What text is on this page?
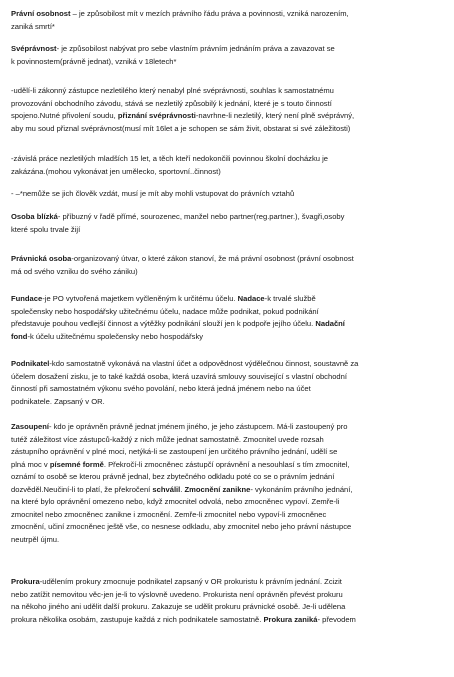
Právní osobnost – je způsobilost mít v mezích právního řádu práva a povinnosti, vzniká narozením,
zaniká smrtí*

Svéprávnost- je způsobilost nabývat pro sebe vlastním právním jednáním práva a zavazovat se
k povinnostem(právně jednat), vzniká v 18letech*

-udělí-li zákonný zástupce nezletilého který nenabyl plné svéprávnosti, souhlas k samostatnému
provozování obchodního závodu, stává se nezletilý způsobilý k jednání, které je s touto činností
spojeno.Nutné přivolení soudu, přiznání svéprávnosti-navrhne-li nezletilý, který není plně svéprávný,
aby mu soud přiznal svéprávnost(musí mít 16let a je schopen se sám živit, obstarat si své záležitosti)

-závislá práce nezletilých mladších 15 let, a těch kteří nedokončili povinnou školní docházku je
zakázána.(mohou vykonávat jen umělecko, sportovní..činnost)

- –*nemůže se jich člověk vzdát, musí je mít aby mohli vstupovat do právních vztahů

Osoba blízká- příbuzný v řadě přímé, sourozenec, manžel nebo partner(reg.partner.), švagři,osoby
které spolu trvale žijí

Právnická osoba-organizovaný útvar, o které zákon stanoví, že má právní osobnost (právní osobnost
má od svého vzniku do svého zániku)

Fundace-je PO vytvořená majetkem vyčleněným k určitému účelu. Nadace-k trvalé službě
společensky nebo hospodářsky užitečnému účelu, nadace může podnikat, pokud podnikání
představuje pouhou vedlejší činnost a výtěžky podnikání slouží jen k podpoře jejího účelu. Nadační
fond-k účelu užitečnému společensky nebo hospodářsky

Podnikatel-kdo samostatně vykonává na vlastní účet a odpovědnost výdělečnou činnost, soustavně za
účelem dosažení zisku, je to také každá osoba, která uzavírá smlouvy související s vlastní obchodní
činností při samostatném výkonu svého povolání, nebo která jedná jménem nebo na účet
podnikatele. Zapsaný v OR.

Zasoupení- kdo je oprávněn právně jednat jménem jiného, je jeho zástupcem. Má-li zastoupený pro
tutéž záležitost více zástupců-každý z nich může jednat samostatně. Zmocnitel uvede rozsah
zástupního oprávnění v plné moci, netýká-li se zastoupení jen určitého právního jednání, udělí se
plná moc v písemné formě. Překročí-li zmocněnec zástupčí oprávnění a nesouhlasí s tím zmocnitel,
oznámí to osobě se kterou právně jednal, bez zbytečného odkladu poté co se o právním jednání
dozvěděl.Neučiní-li to platí, že překročení schválil. Zmocnění zanikne- vykonáním právního jednání,
na které bylo oprávnění omezeno nebo, když zmocnitel odvolá, nebo zmocněnec vypoví. Zemře-li
zmocnitel nebo zmocněnec zanikne i zmocnění. Zemře-li zmocnitel nebo vypoví-li zmocněnec
zmocnění, učiní zmocněnec ještě vše, co nesnese odkladu, aby zmocnitel nebo jeho právní nástupce
neutrpěl újmu.

Prokura-udělením prokury zmocnuje podnikatel zapsaný v OR prokuristu k právním jednání. Zcizit
nebo zatížit nemovitou věc-jen je-li to výslovně uvedeno. Prokurista není oprávněn převést prokuru
na někoho jiného ani udělit další prokuru. Zakazuje se udělit prokuru právnické osobě. Je-li udělena
prokura několika osobám, zastupuje každá z nich podnikatele samostatně. Prokura zaniká- převodem
